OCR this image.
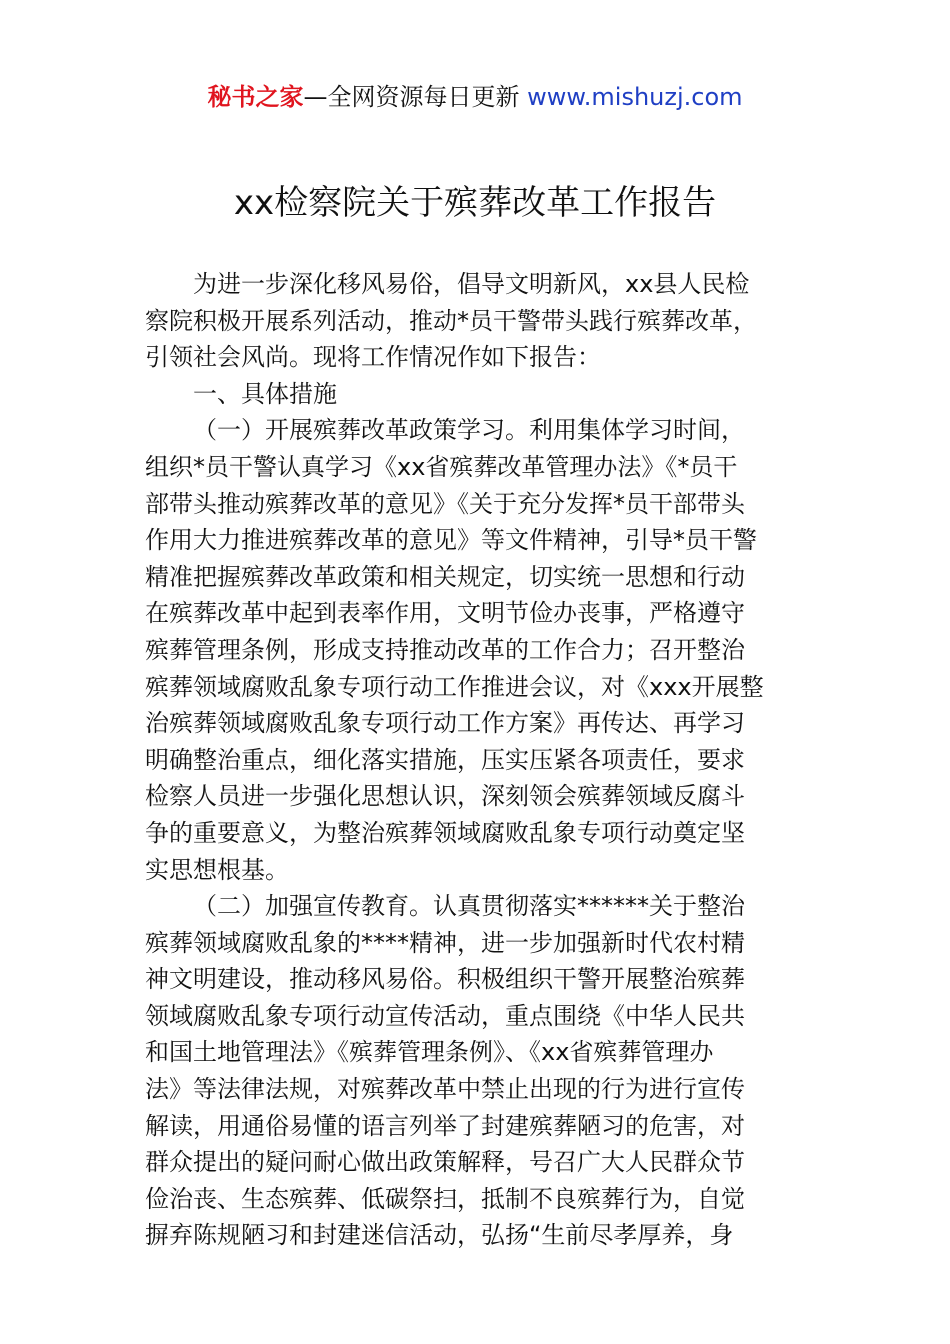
秘书之家—全网资源每日更新 www.mishuzj.com
xx检察院关于殡葬改革工作报告
为进一步深化移风易俗，倡导文明新风，xx县人民检
察院积极开展系列活动，推动*员干警带头践行殡葬改革，
引领社会风尚。现将工作情况作如下报告：
一、具体措施
（一）开展殡葬改革政策学习。利用集体学习时间，
组织*员干警认真学习《xx省殡葬改革管理办法》《*员干
部带头推动殡葬改革的意见》《关于充分发挥*员干部带头
作用大力推进殡葬改革的意见》等文件精神，引导*员干警
精准把握殡葬改革政策和相关规定，切实统一思想和行动
在殡葬改革中起到表率作用，文明节俭办丧事，严格遵守
殡葬管理条例，形成支持推动改革的工作合力；召开整治
殡葬领域腐败乱象专项行动工作推进会议，对《xxx开展整
治殡葬领域腐败乱象专项行动工作方案》再传达、再学习
明确整治重点，细化落实措施，压实压紧各项责任，要求
检察人员进一步强化思想认识，深刻领会殡葬领域反腐斗
争的重要意义，为整治殡葬领域腐败乱象专项行动奠定坚
实思想根基。
（二）加强宣传教育。认真贯彻落实******关于整治
殡葬领域腐败乱象的****精神，进一步加强新时代农村精
神文明建设，推动移风易俗。积极组织干警开展整治殡葬
领域腐败乱象专项行动宣传活动，重点围绕《中华人民共
和国土地管理法》《殡葬管理条例》、《xx省殡葬管理办
法》等法律法规，对殡葬改革中禁止出现的行为进行宣传
解读，用通俗易懂的语言列举了封建殡葬陋习的危害，对
群众提出的疑问耐心做出政策解释，号召广大人民群众节
俭治丧、生态殡葬、低碳祭扫，抵制不良殡葬行为，自觉
摒弃陈规陋习和封建迷信活动，弘扬“生前尽孝厚养，身
